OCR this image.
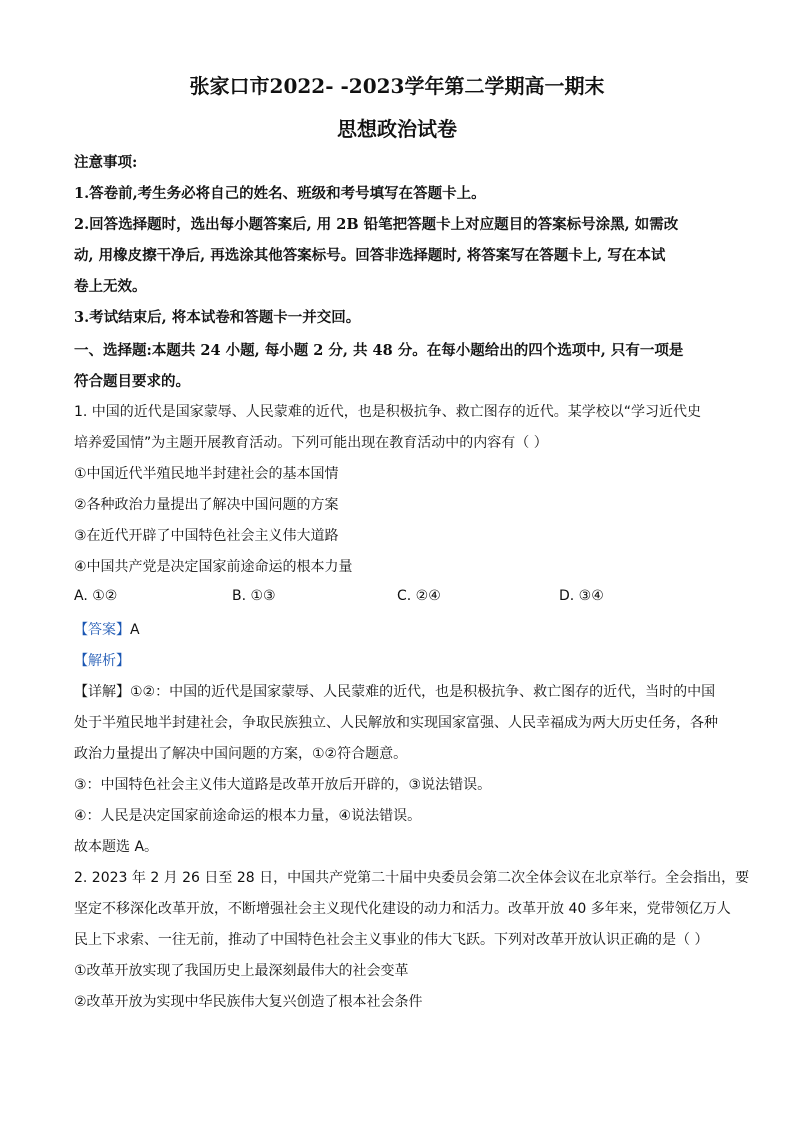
张家口市2022- -2023学年第二学期高一期末
思想政治试卷
注意事项:
1.答卷前,考生务必将自己的姓名、班级和考号填写在答题卡上。
2.回答选择题时，选出每小题答案后, 用 2B 铅笔把答题卡上对应题目的答案标号涂黑, 如需改
动, 用橡皮擦干净后, 再选涂其他答案标号。回答非选择题时, 将答案写在答题卡上, 写在本试
卷上无效。
3.考试结束后, 将本试卷和答题卡一并交回。
一、选择题:本题共 24 小题, 每小题 2 分, 共 48 分。在每小题给出的四个选项中, 只有一项是
符合题目要求的。
1. 中国的近代是国家蒙辱、人民蒙难的近代，也是积极抗争、救亡图存的近代。某学校以“学习近代史
培养爱国情”为主题开展教育活动。下列可能出现在教育活动中的内容有（ ）
①中国近代半殖民地半封建社会的基本国情
②各种政治力量提出了解决中国问题的方案
③在近代开辟了中国特色社会主义伟大道路
④中国共产党是决定国家前途命运的根本力量
A. ①②	B. ①③	C. ②④	D. ③④
【答案】A
【解析】
【详解】①②：中国的近代是国家蒙辱、人民蒙难的近代，也是积极抗争、救亡图存的近代，当时的中国
处于半殖民地半封建社会，争取民族独立、人民解放和实现国家富强、人民幸福成为两大历史任务，各种
政治力量提出了解决中国问题的方案，①②符合题意。
③：中国特色社会主义伟大道路是改革开放后开辟的，③说法错误。
④：人民是决定国家前途命运的根本力量，④说法错误。
故本题选 A。
2. 2023 年 2 月 26 日至 28 日，中国共产党第二十届中央委员会第二次全体会议在北京举行。全会指出，要
坚定不移深化改革开放，不断增强社会主义现代化建设的动力和活力。改革开放 40 多年来，党带领亿万人
民上下求索、一往无前，推动了中国特色社会主义事业的伟大飞跃。下列对改革开放认识正确的是（ ）
①改革开放实现了我国历史上最深刻最伟大的社会变革
②改革开放为实现中华民族伟大复兴创造了根本社会条件
